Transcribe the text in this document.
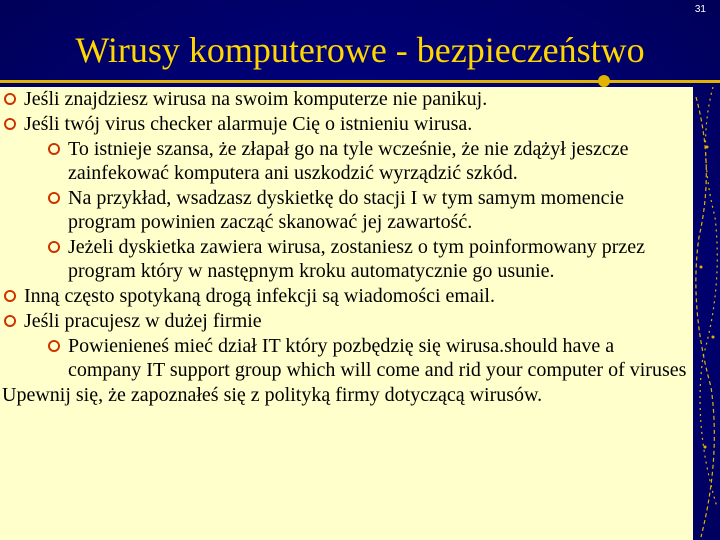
31
Wirusy komputerowe - bezpieczeństwo
Jeśli znajdziesz wirusa na swoim komputerze nie panikuj.
Jeśli twój virus checker alarmuje Cię o istnieniu wirusa.
To istnieje szansa, że złapał go na tyle wcześnie, że nie zdążył jeszcze zainfekować komputera ani uszkodzić wyrządzić szkód.
Na przykład, wsadzasz dyskietkę do stacji I w tym samym momencie program powinien zacząć skanować jej zawartość.
Jeżeli dyskietka zawiera wirusa, zostaniesz o tym poinformowany przez program który w następnym kroku automatycznie go usunie.
Inną często spotykaną drogą infekcji są wiadomości email.
Jeśli pracujesz w dużej firmie
Powienieneś mieć dział IT który pozbędzię się wirusa.should have a company IT support group which will come and rid your computer of viruses
Upewnij się, że zapoznałeś się z polityką firmy dotyczącą wirusów.
